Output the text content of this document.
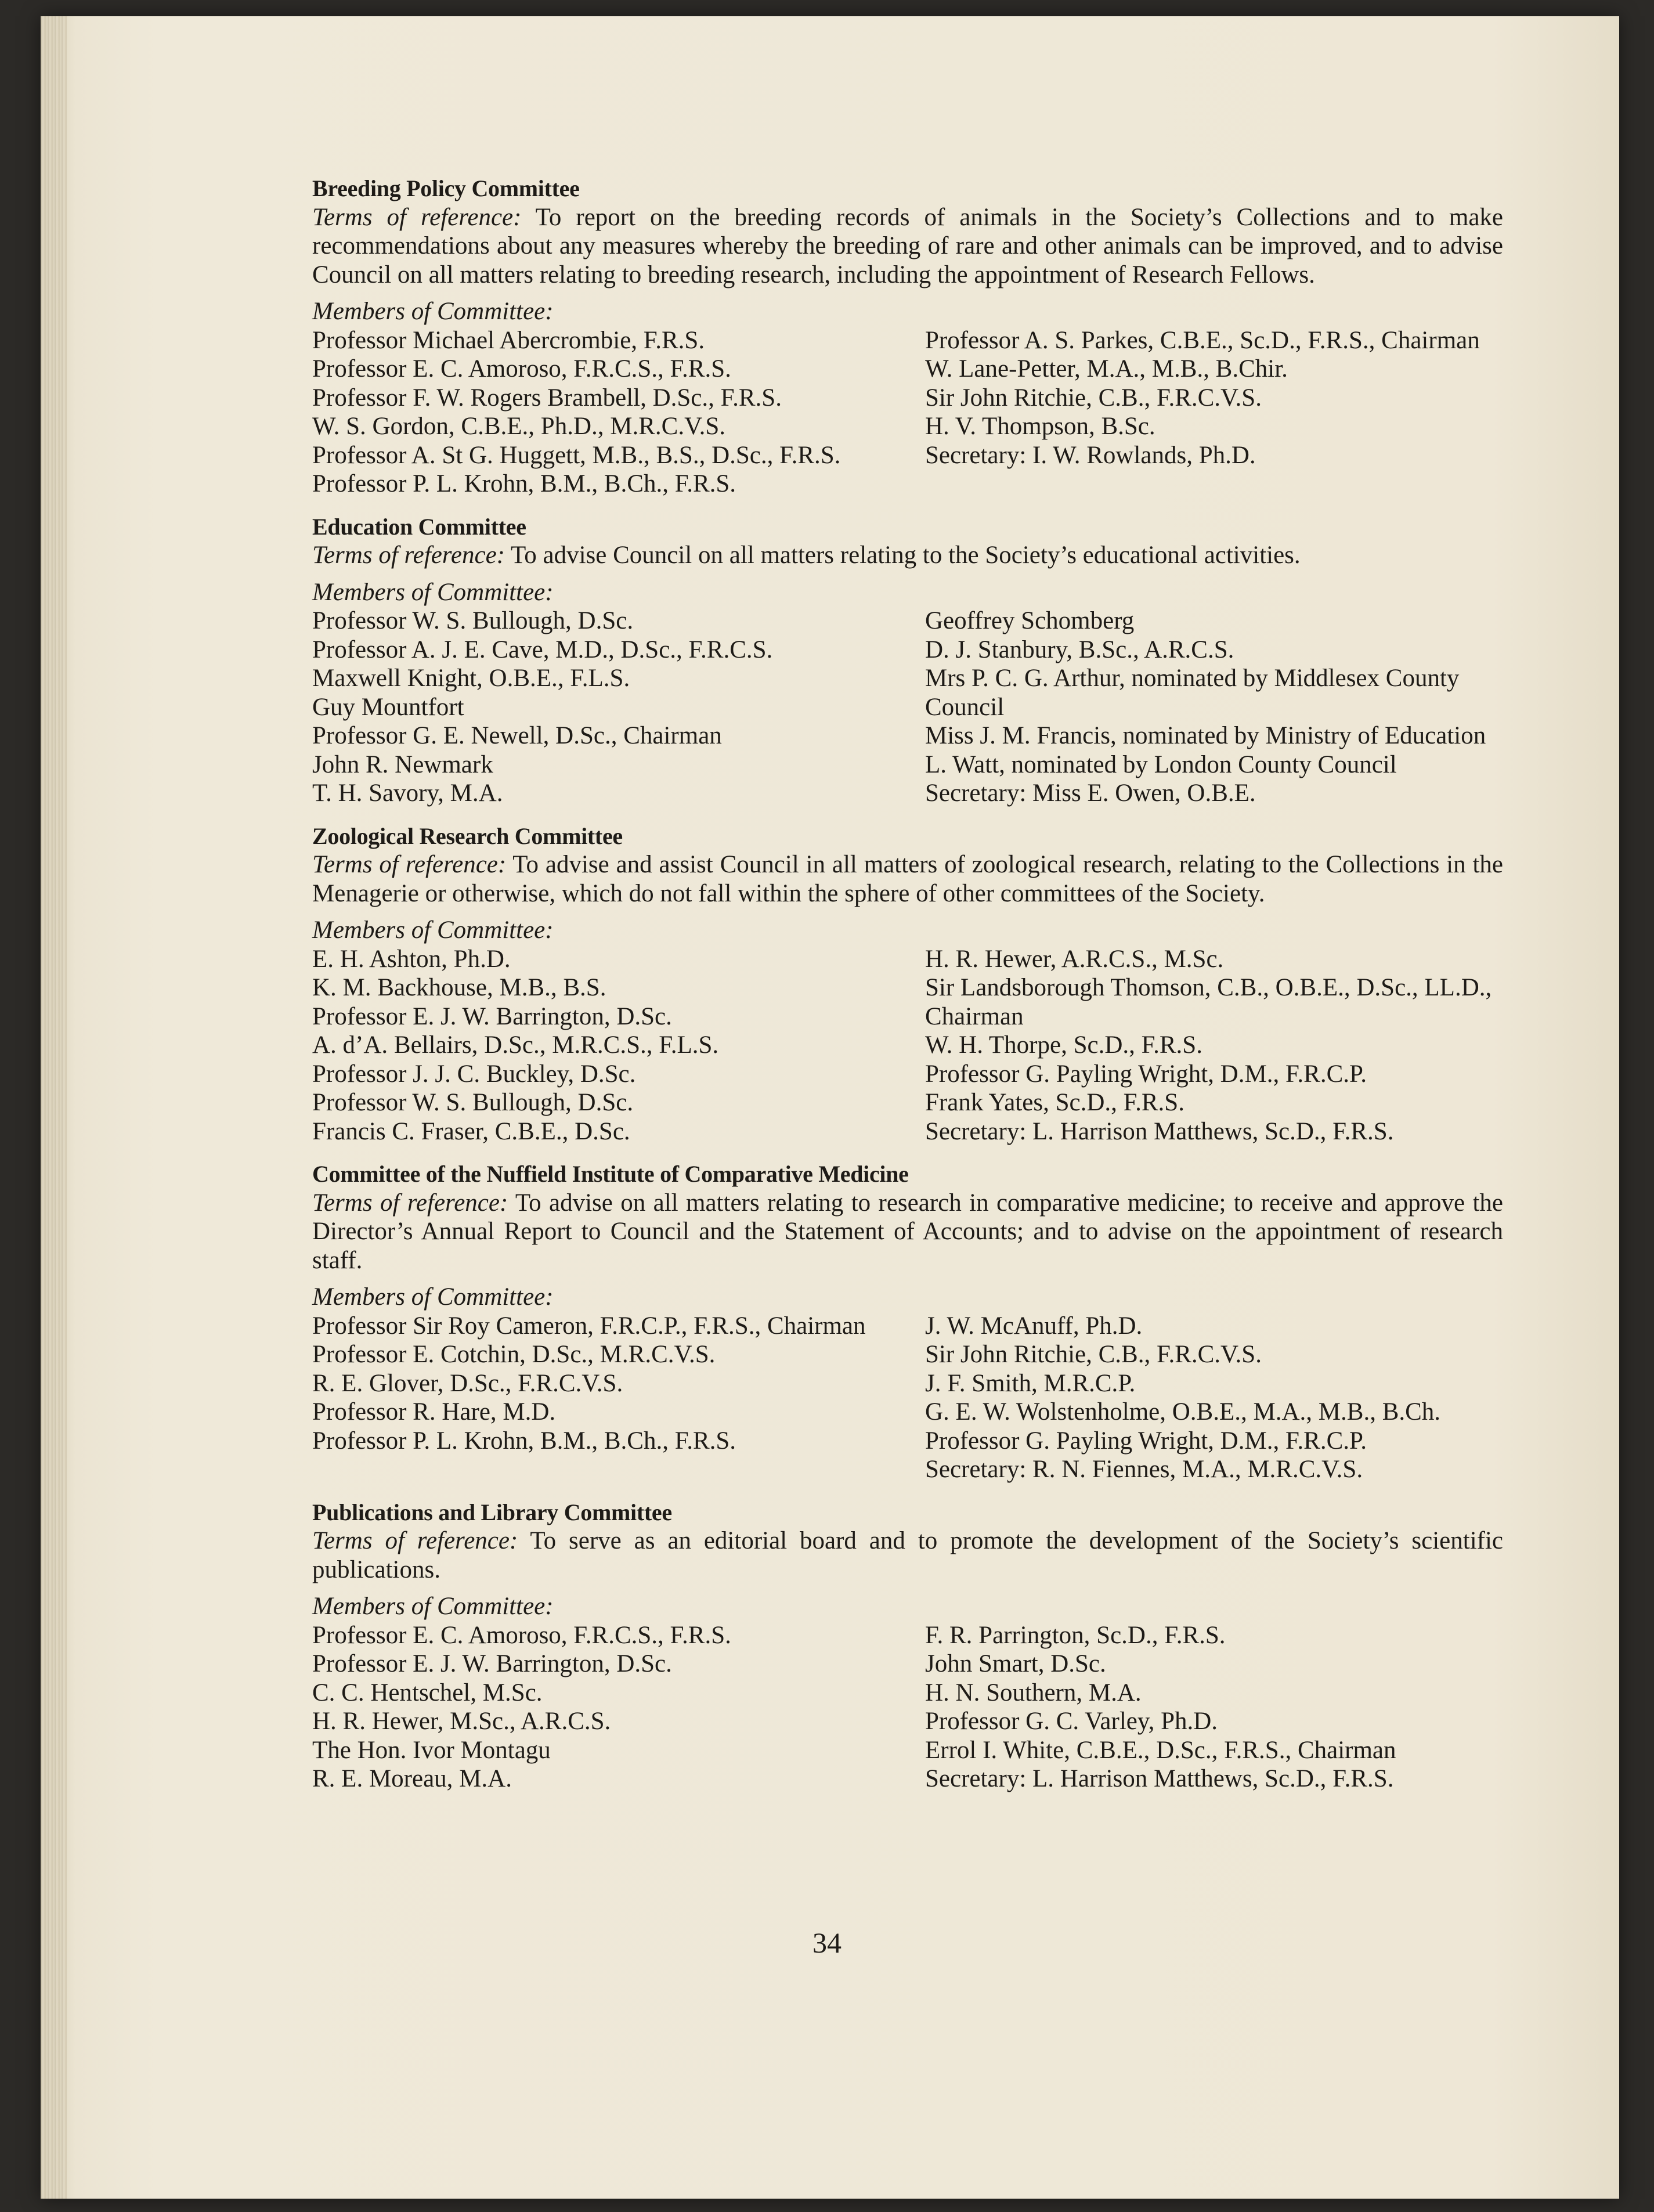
Breeding Policy Committee
Terms of reference: To report on the breeding records of animals in the Society’s Collections and to make recommendations about any measures whereby the breeding of rare and other animals can be improved, and to advise Council on all matters relating to breeding research, including the appointment of Research Fellows.
Members of Committee:
Professor Michael Abercrombie, F.R.S.
Professor E. C. Amoroso, F.R.C.S., F.R.S.
Professor F. W. Rogers Brambell, D.Sc., F.R.S.
W. S. Gordon, C.B.E., Ph.D., M.R.C.V.S.
Professor A. St G. Huggett, M.B., B.S., D.Sc., F.R.S.
Professor P. L. Krohn, B.M., B.Ch., F.R.S.
Professor A. S. Parkes, C.B.E., Sc.D., F.R.S., Chairman
W. Lane-Petter, M.A., M.B., B.Chir.
Sir John Ritchie, C.B., F.R.C.V.S.
H. V. Thompson, B.Sc.
Secretary: I. W. Rowlands, Ph.D.
Education Committee
Terms of reference: To advise Council on all matters relating to the Society’s educational activities.
Members of Committee:
Professor W. S. Bullough, D.Sc.
Professor A. J. E. Cave, M.D., D.Sc., F.R.C.S.
Maxwell Knight, O.B.E., F.L.S.
Guy Mountfort
Professor G. E. Newell, D.Sc., Chairman
John R. Newmark
T. H. Savory, M.A.
Geoffrey Schomberg
D. J. Stanbury, B.Sc., A.R.C.S.
Mrs P. C. G. Arthur, nominated by Middlesex County Council
Miss J. M. Francis, nominated by Ministry of Education
L. Watt, nominated by London County Council
Secretary: Miss E. Owen, O.B.E.
Zoological Research Committee
Terms of reference: To advise and assist Council in all matters of zoological research, relating to the Collections in the Menagerie or otherwise, which do not fall within the sphere of other committees of the Society.
Members of Committee:
E. H. Ashton, Ph.D.
K. M. Backhouse, M.B., B.S.
Professor E. J. W. Barrington, D.Sc.
A. d’A. Bellairs, D.Sc., M.R.C.S., F.L.S.
Professor J. J. C. Buckley, D.Sc.
Professor W. S. Bullough, D.Sc.
Francis C. Fraser, C.B.E., D.Sc.
H. R. Hewer, A.R.C.S., M.Sc.
Sir Landsborough Thomson, C.B., O.B.E., D.Sc., LL.D., Chairman
W. H. Thorpe, Sc.D., F.R.S.
Professor G. Payling Wright, D.M., F.R.C.P.
Frank Yates, Sc.D., F.R.S.
Secretary: L. Harrison Matthews, Sc.D., F.R.S.
Committee of the Nuffield Institute of Comparative Medicine
Terms of reference: To advise on all matters relating to research in comparative medicine; to receive and approve the Director’s Annual Report to Council and the Statement of Accounts; and to advise on the appointment of research staff.
Members of Committee:
Professor Sir Roy Cameron, F.R.C.P., F.R.S., Chairman
Professor E. Cotchin, D.Sc., M.R.C.V.S.
R. E. Glover, D.Sc., F.R.C.V.S.
Professor R. Hare, M.D.
Professor P. L. Krohn, B.M., B.Ch., F.R.S.
J. W. McAnuff, Ph.D.
Sir John Ritchie, C.B., F.R.C.V.S.
J. F. Smith, M.R.C.P.
G. E. W. Wolstenholme, O.B.E., M.A., M.B., B.Ch.
Professor G. Payling Wright, D.M., F.R.C.P.
Secretary: R. N. Fiennes, M.A., M.R.C.V.S.
Publications and Library Committee
Terms of reference: To serve as an editorial board and to promote the development of the Society’s scientific publications.
Members of Committee:
Professor E. C. Amoroso, F.R.C.S., F.R.S.
Professor E. J. W. Barrington, D.Sc.
C. C. Hentschel, M.Sc.
H. R. Hewer, M.Sc., A.R.C.S.
The Hon. Ivor Montagu
R. E. Moreau, M.A.
F. R. Parrington, Sc.D., F.R.S.
John Smart, D.Sc.
H. N. Southern, M.A.
Professor G. C. Varley, Ph.D.
Errol I. White, C.B.E., D.Sc., F.R.S., Chairman
Secretary: L. Harrison Matthews, Sc.D., F.R.S.
34
